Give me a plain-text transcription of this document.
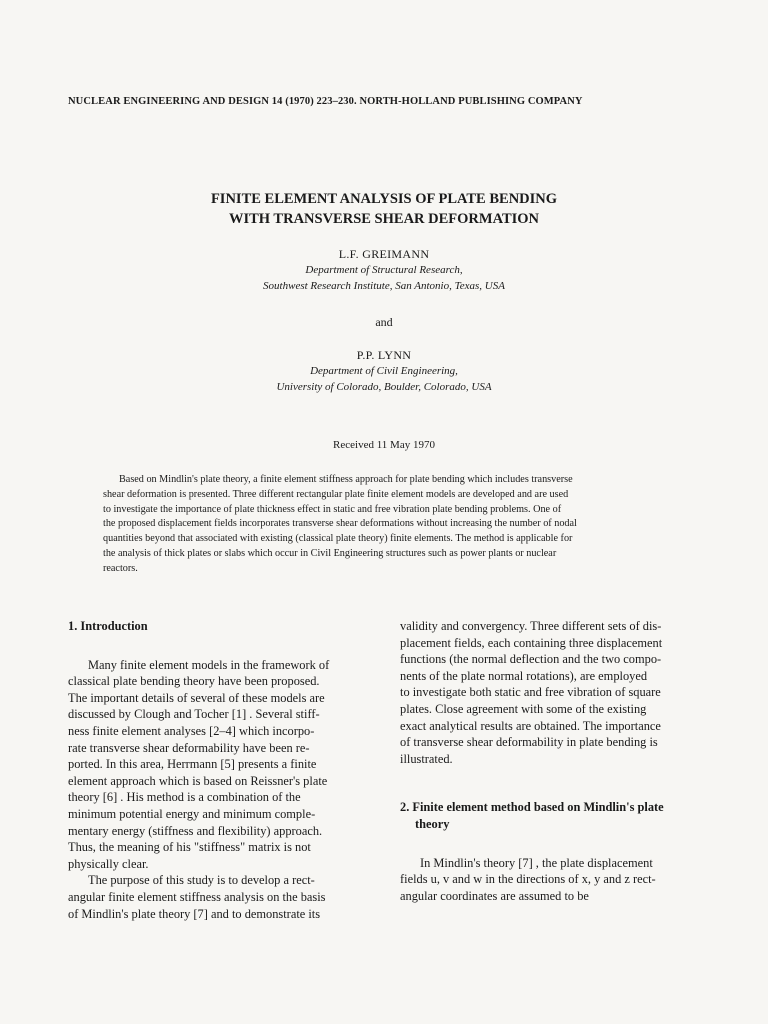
NUCLEAR ENGINEERING AND DESIGN 14 (1970) 223–230. NORTH-HOLLAND PUBLISHING COMPANY
FINITE ELEMENT ANALYSIS OF PLATE BENDING
WITH TRANSVERSE SHEAR DEFORMATION
L.F. GREIMANN
Department of Structural Research,
Southwest Research Institute, San Antonio, Texas, USA
and
P.P. LYNN
Department of Civil Engineering,
University of Colorado, Boulder, Colorado, USA
Received 11 May 1970
Based on Mindlin's plate theory, a finite element stiffness approach for plate bending which includes transverse
shear deformation is presented. Three different rectangular plate finite element models are developed and are used
to investigate the importance of plate thickness effect in static and free vibration plate bending problems. One of
the proposed displacement fields incorporates transverse shear deformations without increasing the number of nodal
quantities beyond that associated with existing (classical plate theory) finite elements. The method is applicable for
the analysis of thick plates or slabs which occur in Civil Engineering structures such as power plants or nuclear
reactors.
1. Introduction
Many finite element models in the framework of
classical plate bending theory have been proposed.
The important details of several of these models are
discussed by Clough and Tocher [1] . Several stiff-
ness finite element analyses [2–4] which incorpo-
rate transverse shear deformability have been re-
ported. In this area, Herrmann [5] presents a finite
element approach which is based on Reissner's plate
theory [6] . His method is a combination of the
minimum potential energy and minimum comple-
mentary energy (stiffness and flexibility) approach.
Thus, the meaning of his "stiffness" matrix is not
physically clear.
The purpose of this study is to develop a rect-
angular finite element stiffness analysis on the basis
of Mindlin's plate theory [7] and to demonstrate its
validity and convergency. Three different sets of dis-
placement fields, each containing three displacement
functions (the normal deflection and the two compo-
nents of the plate normal rotations), are employed
to investigate both static and free vibration of square
plates. Close agreement with some of the existing
exact analytical results are obtained. The importance
of transverse shear deformability in plate bending is
illustrated.
2. Finite element method based on Mindlin's plate
theory
In Mindlin's theory [7] , the plate displacement
fields u, v and w in the directions of x, y and z rect-
angular coordinates are assumed to be
